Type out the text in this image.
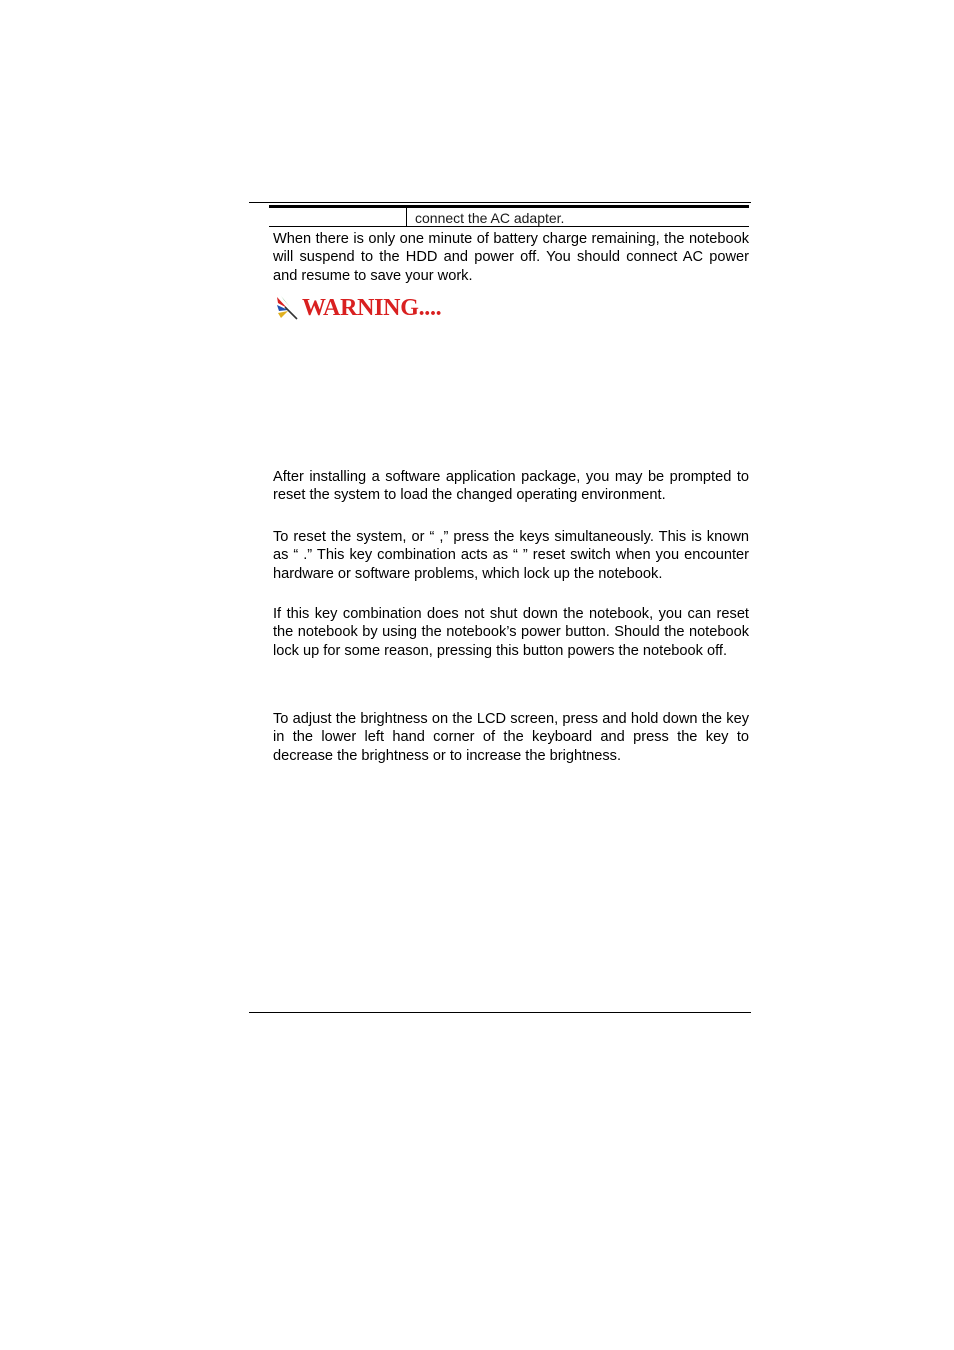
connect the AC adapter.

When there is only one minute of battery charge remaining, the notebook will suspend to the HDD and power off. You should connect AC power and resume to save your work.

WARNING....

After installing a software application package, you may be prompted to reset the system to load the changed operating environment.

To reset the system, or “ ,” press the keys simultaneously. This is known as “ .” This key combination acts as “ ” reset switch when you encounter hardware or software problems, which lock up the notebook.

If this key combination does not shut down the notebook, you can reset the notebook by using the notebook’s power button. Should the notebook lock up for some reason, pressing this button powers the notebook off.

To adjust the brightness on the LCD screen, press and hold down the key in the lower left hand corner of the keyboard and press the key to decrease the brightness or to increase the brightness.
